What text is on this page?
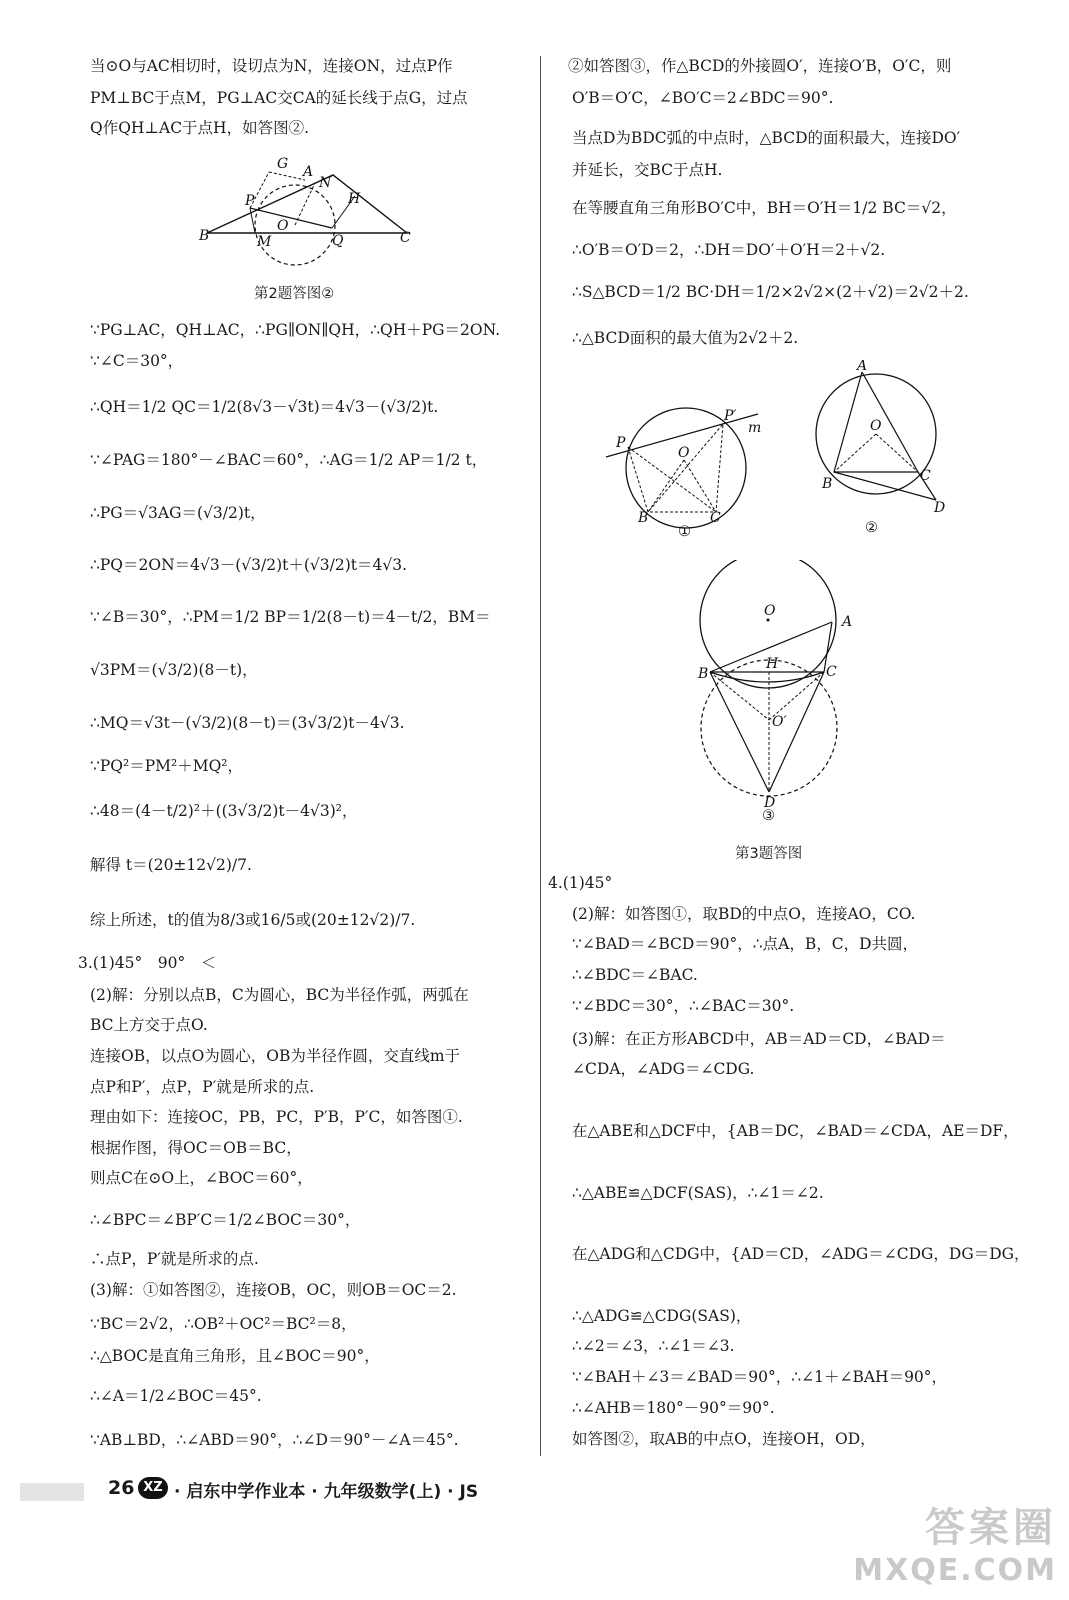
当⊙O与AC相切时，设切点为N，连接ON，过点P作
PM⊥BC于点M，PG⊥AC交CA的延长线于点G，过点
Q作QH⊥AC于点H，如答图②.
G A
N
H
P
O
B	M	Q	C
第2题答图②
∵PG⊥AC，QH⊥AC，∴PG∥ON∥QH，∴QH＋PG＝2ON.
∵∠C＝30°，
∴QH＝1/2 QC＝1/2(8√3－√3t)＝4√3－(√3/2)t.
∵∠PAG＝180°－∠BAC＝60°，∴AG＝1/2 AP＝1/2 t，
∴PG＝√3AG＝(√3/2)t，
∴PQ＝2ON＝4√3－(√3/2)t＋(√3/2)t＝4√3.
∵∠B＝30°，∴PM＝1/2 BP＝1/2(8－t)＝4－t/2，BM＝
√3PM＝(√3/2)(8－t)，
∴MQ＝√3t－(√3/2)(8－t)＝(3√3/2)t－4√3.
∵PQ²＝PM²＋MQ²，
∴48＝(4－t/2)²＋((3√3/2)t－4√3)²，
解得 t＝(20±12√2)/7.
综上所述，t的值为8/3或16/5或(20±12√2)/7.
3.(1)45°　90°　＜
(2)解：分别以点B，C为圆心，BC为半径作弧，两弧在
BC上方交于点O.
连接OB，以点O为圆心，OB为半径作圆，交直线m于
点P和P′，点P，P′就是所求的点.
理由如下：连接OC，PB，PC，P′B，P′C，如答图①.
根据作图，得OC＝OB＝BC，
则点C在⊙O上，∠BOC＝60°，
∴∠BPC＝∠BP′C＝1/2∠BOC＝30°，
∴点P，P′就是所求的点.
(3)解：①如答图②，连接OB，OC，则OB＝OC＝2.
∵BC＝2√2，∴OB²＋OC²＝BC²＝8，
∴△BOC是直角三角形，且∠BOC＝90°，
∴∠A＝1/2∠BOC＝45°.
∵AB⊥BD，∴∠ABD＝90°，∴∠D＝90°－∠A＝45°.
②如答图③，作△BCD的外接圆O′，连接O′B，O′C，则
O′B＝O′C，∠BO′C＝2∠BDC＝90°.
当点D为BDC弧的中点时，△BCD的面积最大，连接DO′
并延长，交BC于点H.
在等腰直角三角形BO′C中，BH＝O′H＝1/2 BC＝√2，
∴O′B＝O′D＝2，∴DH＝DO′＋O′H＝2＋√2.
∴S△BCD＝1/2 BC·DH＝1/2×2√2×(2＋√2)＝2√2＋2.
∴△BCD面积的最大值为2√2＋2.
P
P′
m
O
B	C
①
A
O
B	C
D
②
O
A
B
H	C
O′
D
③
第3题答图
4.(1)45°
(2)解：如答图①，取BD的中点O，连接AO，CO.
∵∠BAD＝∠BCD＝90°，∴点A，B，C，D共圆，
∴∠BDC＝∠BAC.
∵∠BDC＝30°，∴∠BAC＝30°.
(3)解：在正方形ABCD中，AB＝AD＝CD，∠BAD＝
∠CDA，∠ADG＝∠CDG.
在△ABE和△DCF中，{AB＝DC，∠BAD＝∠CDA，AE＝DF，
∴△ABE≌△DCF(SAS)，∴∠1＝∠2.
在△ADG和△CDG中，{AD＝CD，∠ADG＝∠CDG，DG＝DG，
∴△ADG≌△CDG(SAS)，
∴∠2＝∠3，∴∠1＝∠3.
∵∠BAH＋∠3＝∠BAD＝90°，∴∠1＋∠BAH＝90°，
∴∠AHB＝180°－90°＝90°.
如答图②，取AB的中点O，连接OH，OD，
26 XZ · 启东中学作业本 · 九年级数学(上) · JS
答案圈
MXQE.COM
